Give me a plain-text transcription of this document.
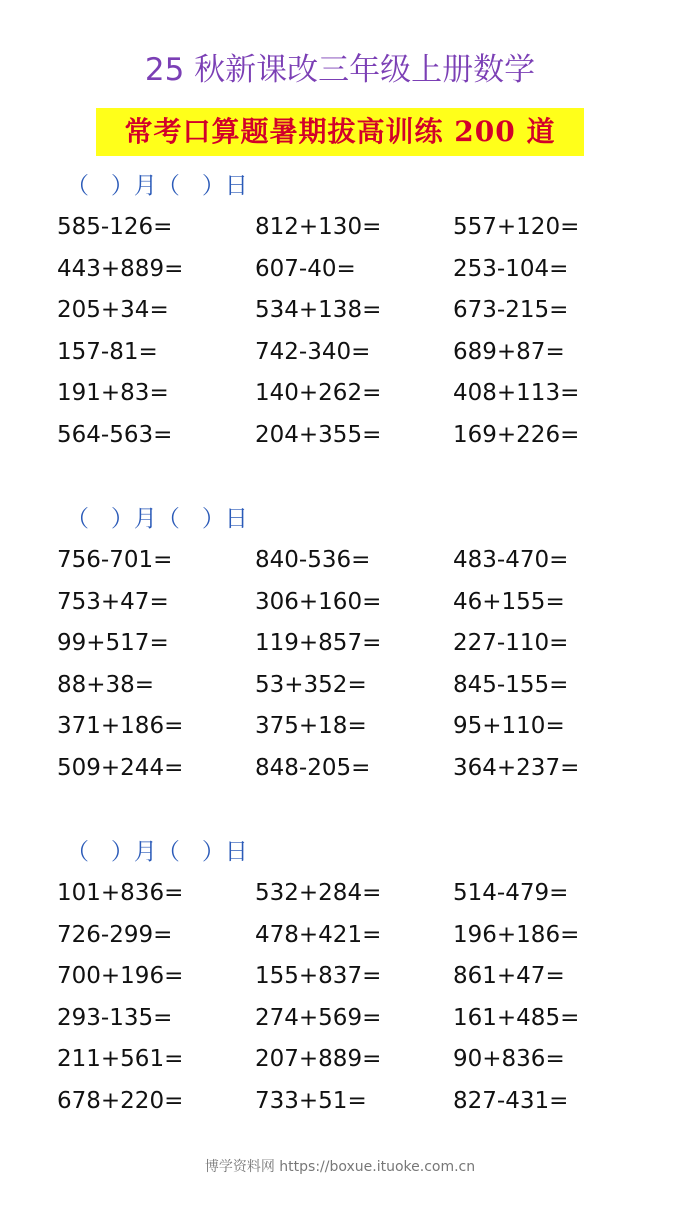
25 秋新课改三年级上册数学
常考口算题暑期拔高训练 200 道
（   ）月（   ）日
585-126=	812+130=	557+120=
443+889=	607-40=	253-104=
205+34=	534+138=	673-215=
157-81=	742-340=	689+87=
191+83=	140+262=	408+113=
564-563=	204+355=	169+226=
（   ）月（   ）日
756-701=	840-536=	483-470=
753+47=	306+160=	46+155=
99+517=	119+857=	227-110=
88+38=	53+352=	845-155=
371+186=	375+18=	95+110=
509+244=	848-205=	364+237=
（   ）月（   ）日
101+836=	532+284=	514-479=
726-299=	478+421=	196+186=
700+196=	155+837=	861+47=
293-135=	274+569=	161+485=
211+561=	207+889=	90+836=
678+220=	733+51=	827-431=
博学资料网 https://boxue.ituoke.com.cn
